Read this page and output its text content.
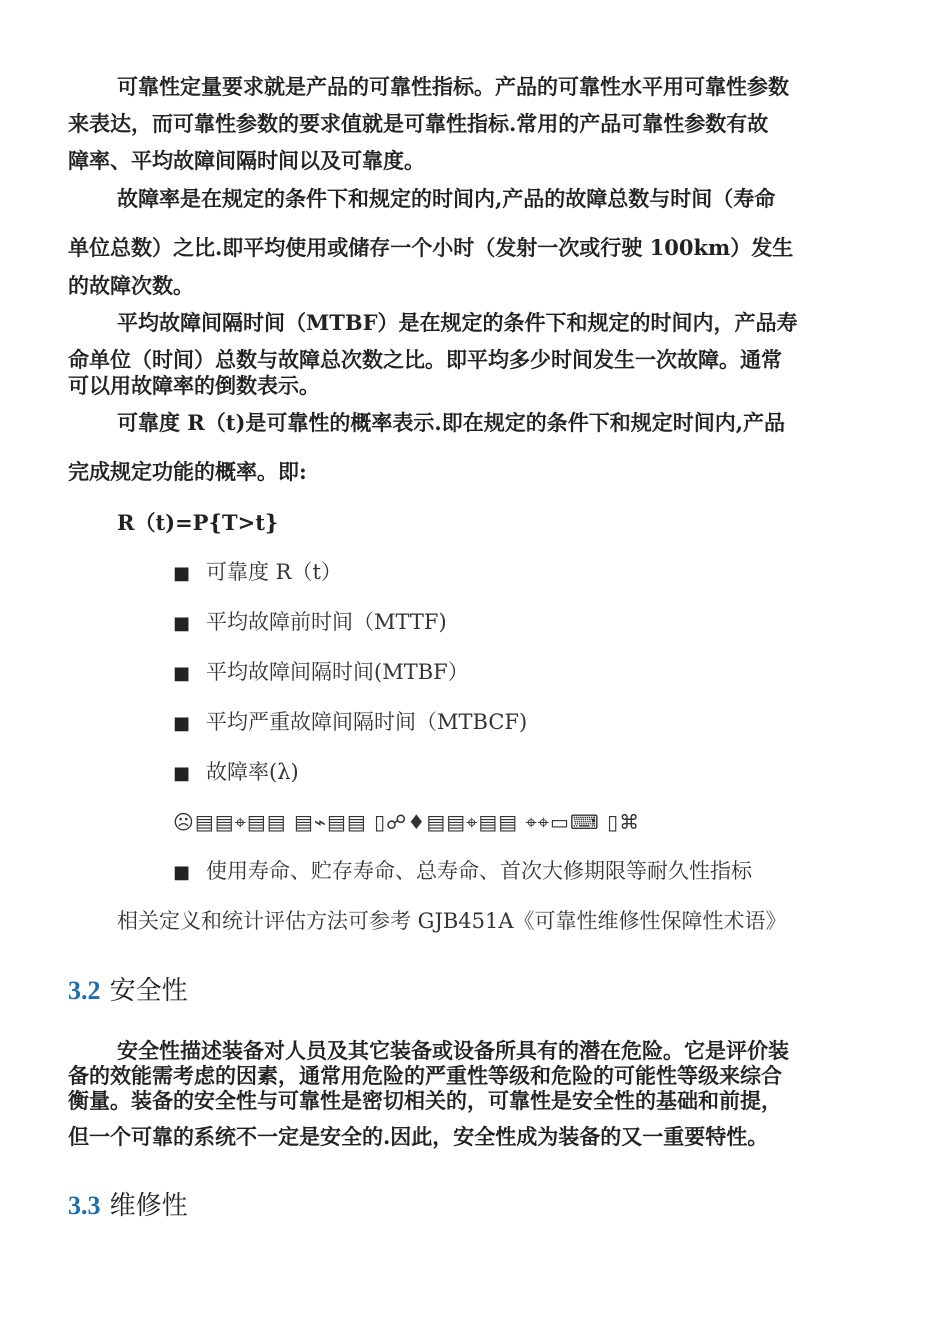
可靠性定量要求就是产品的可靠性指标。产品的可靠性水平用可靠性参数
来表达，而可靠性参数的要求值就是可靠性指标.常用的产品可靠性参数有故
障率、平均故障间隔时间以及可靠度。
故障率是在规定的条件下和规定的时间内,产品的故障总数与时间（寿命
单位总数）之比.即平均使用或储存一个小时（发射一次或行驶 100km）发生
的故障次数。
平均故障间隔时间（MTBF）是在规定的条件下和规定的时间内，产品寿
命单位（时间）总数与故障总次数之比。即平均多少时间发生一次故障。通常
可以用故障率的倒数表示。
可靠度 R（t)是可靠性的概率表示.即在规定的条件下和规定时间内,产品
完成规定功能的概率。即:
R（t)=P{T>t}
■ 可靠度 R（t）
■ 平均故障前时间（MTTF)
■ 平均故障间隔时间(MTBF）
■ 平均严重故障间隔时间（MTBCF)
■ 故障率(λ)
☹▤▤⌖▤▤ ▤⌁▤▤ ▯☍♦▤▤⌖▤▤ ⌖⌖▭⌨ ▯⌘
■ 使用寿命、贮存寿命、总寿命、首次大修期限等耐久性指标
相关定义和统计评估方法可参考 GJB451A《可靠性维修性保障性术语》
3.2 安全性
安全性描述装备对人员及其它装备或设备所具有的潜在危险。它是评价装
备的效能需考虑的因素，通常用危险的严重性等级和危险的可能性等级来综合
衡量。装备的安全性与可靠性是密切相关的，可靠性是安全性的基础和前提，
但一个可靠的系统不一定是安全的.因此，安全性成为装备的又一重要特性。
3.3 维修性
